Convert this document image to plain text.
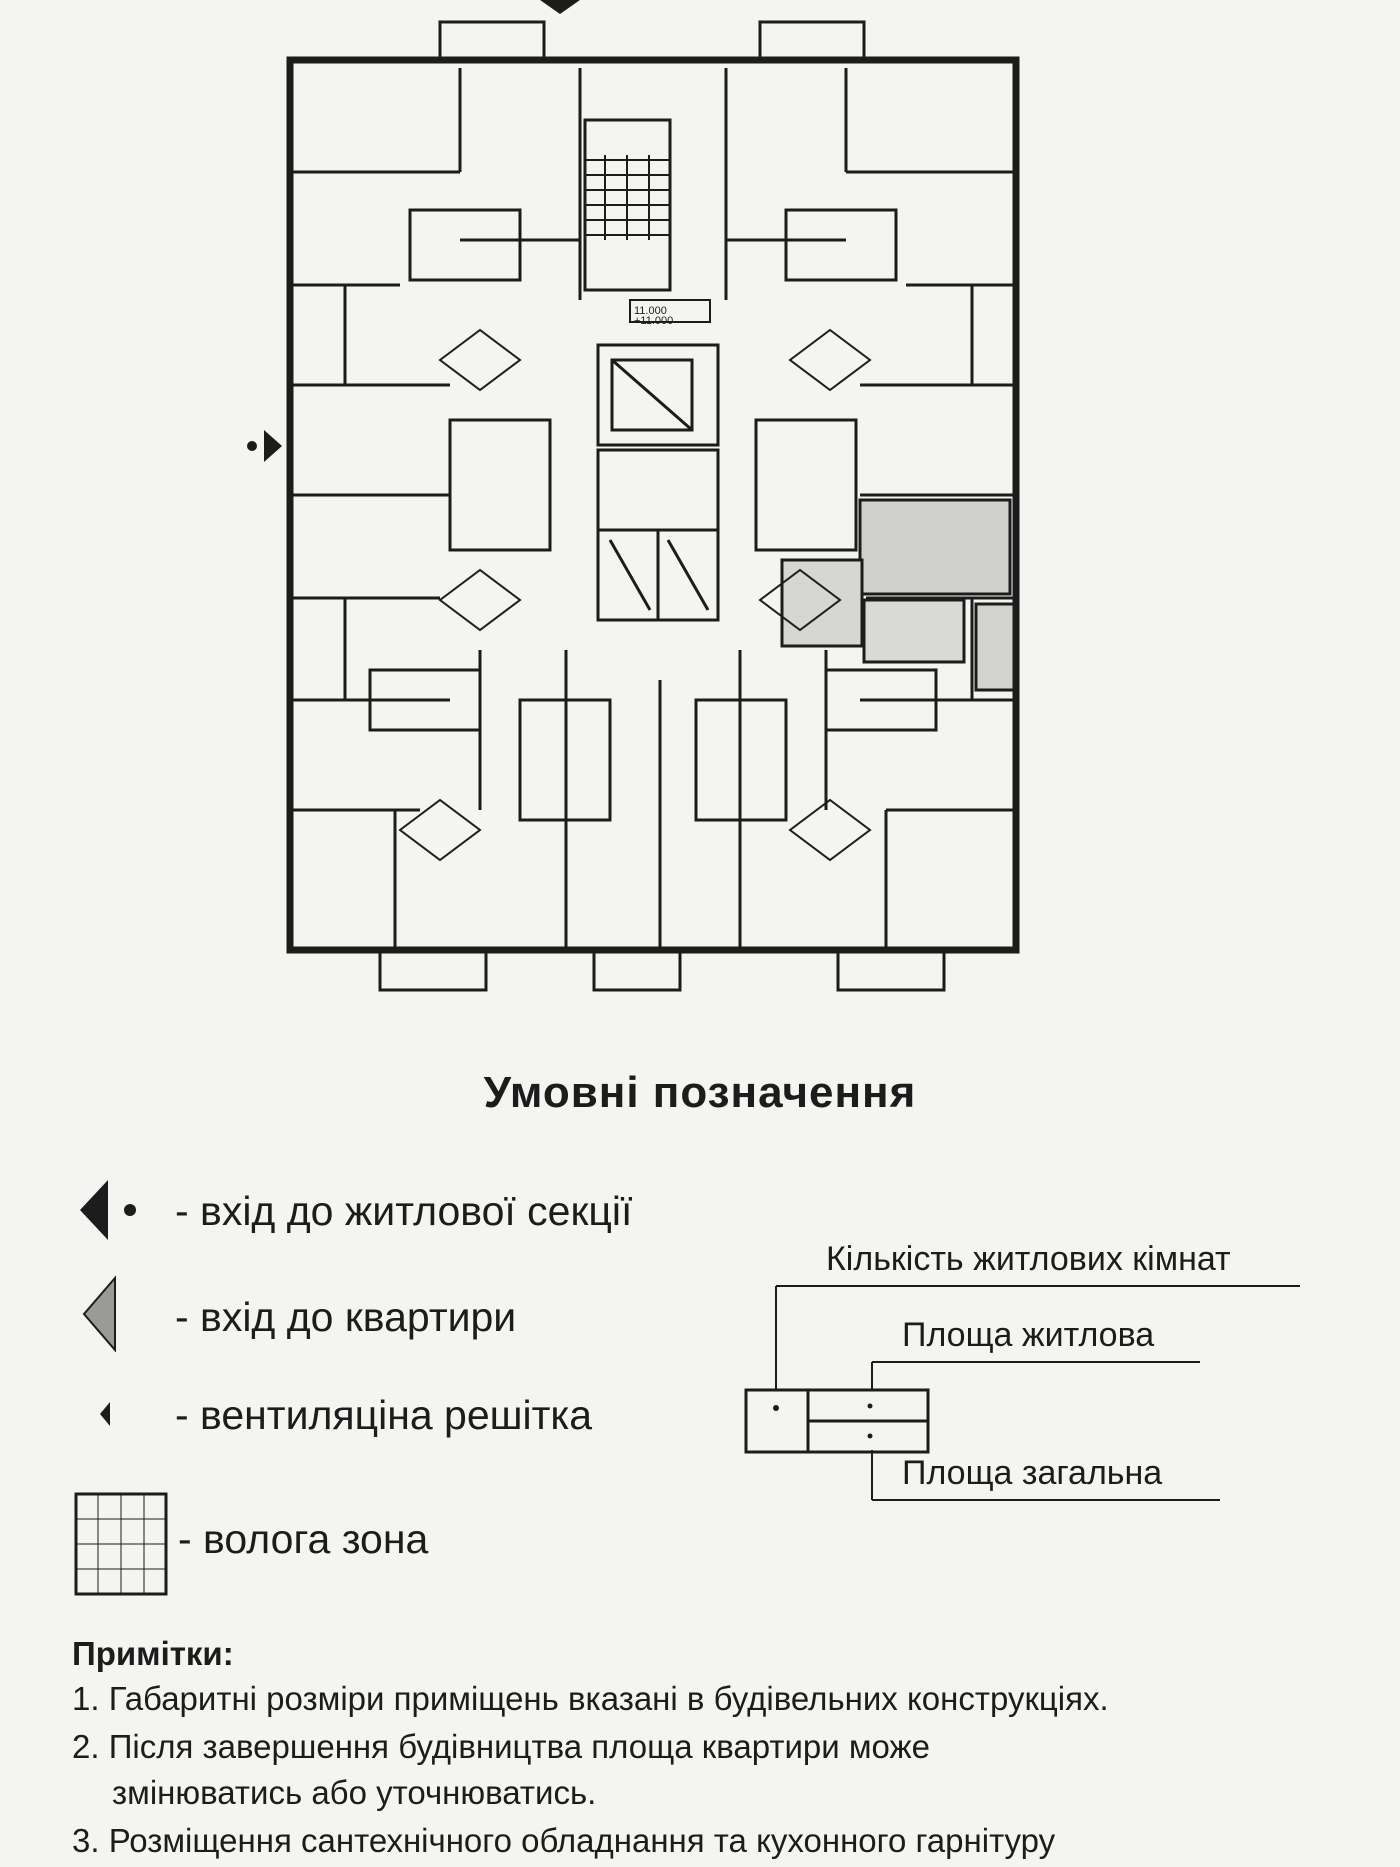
11.000
+11.000
Умовні позначення
- вхід до житлової секції
- вхід до квартири
- вентиляціна решітка
- волога зона
Кількість житлових кімнат
Площа житлова
Площа загальна
Примітки:
1. Габаритні розміри приміщень вказані в будівельних конструкціях.
2. Після завершення будівництва площа квартири може
змінюватись або уточнюватись.
3. Розміщення сантехнічного обладнання та кухонного гарнітуру
